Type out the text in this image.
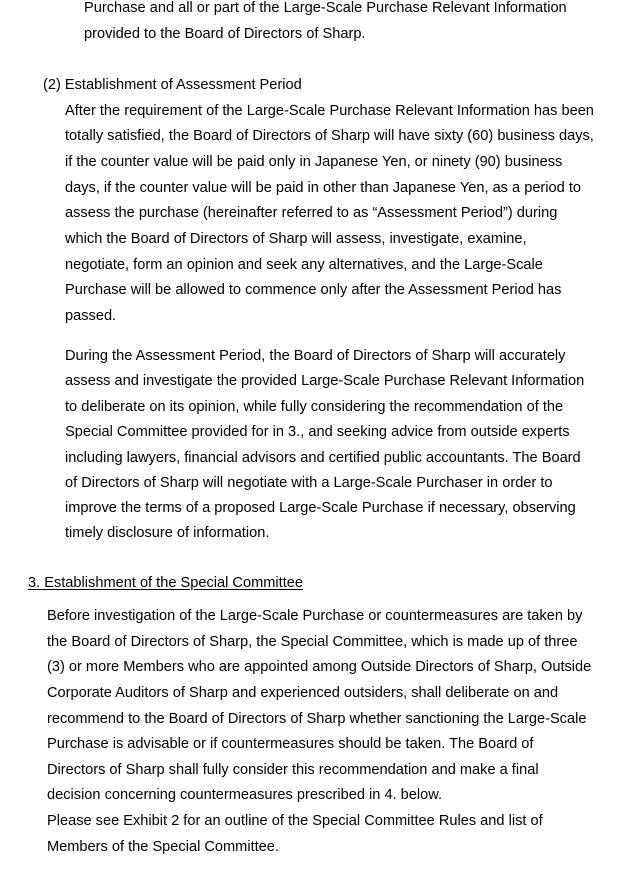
Purchase and all or part of the Large-Scale Purchase Relevant Information
provided to the Board of Directors of Sharp.
(2) Establishment of Assessment Period
After the requirement of the Large-Scale Purchase Relevant Information has been
totally satisfied, the Board of Directors of Sharp will have sixty (60) business days,
if the counter value will be paid only in Japanese Yen, or ninety (90) business
days, if the counter value will be paid in other than Japanese Yen, as a period to
assess the purchase (hereinafter referred to as “Assessment Period”) during
which the Board of Directors of Sharp will assess, investigate, examine,
negotiate, form an opinion and seek any alternatives, and the Large-Scale
Purchase will be allowed to commence only after the Assessment Period has
passed.
During the Assessment Period, the Board of Directors of Sharp will accurately
assess and investigate the provided Large-Scale Purchase Relevant Information
to deliberate on its opinion, while fully considering the recommendation of the
Special Committee provided for in 3., and seeking advice from outside experts
including lawyers, financial advisors and certified public accountants. The Board
of Directors of Sharp will negotiate with a Large-Scale Purchaser in order to
improve the terms of a proposed Large-Scale Purchase if necessary, observing
timely disclosure of information.
3. Establishment of the Special Committee
Before investigation of the Large-Scale Purchase or countermeasures are taken by
the Board of Directors of Sharp, the Special Committee, which is made up of three
(3) or more Members who are appointed among Outside Directors of Sharp, Outside
Corporate Auditors of Sharp and experienced outsiders, shall deliberate on and
recommend to the Board of Directors of Sharp whether sanctioning the Large-Scale
Purchase is advisable or if countermeasures should be taken. The Board of
Directors of Sharp shall fully consider this recommendation and make a final
decision concerning countermeasures prescribed in 4. below.
Please see Exhibit 2 for an outline of the Special Committee Rules and list of
Members of the Special Committee.
